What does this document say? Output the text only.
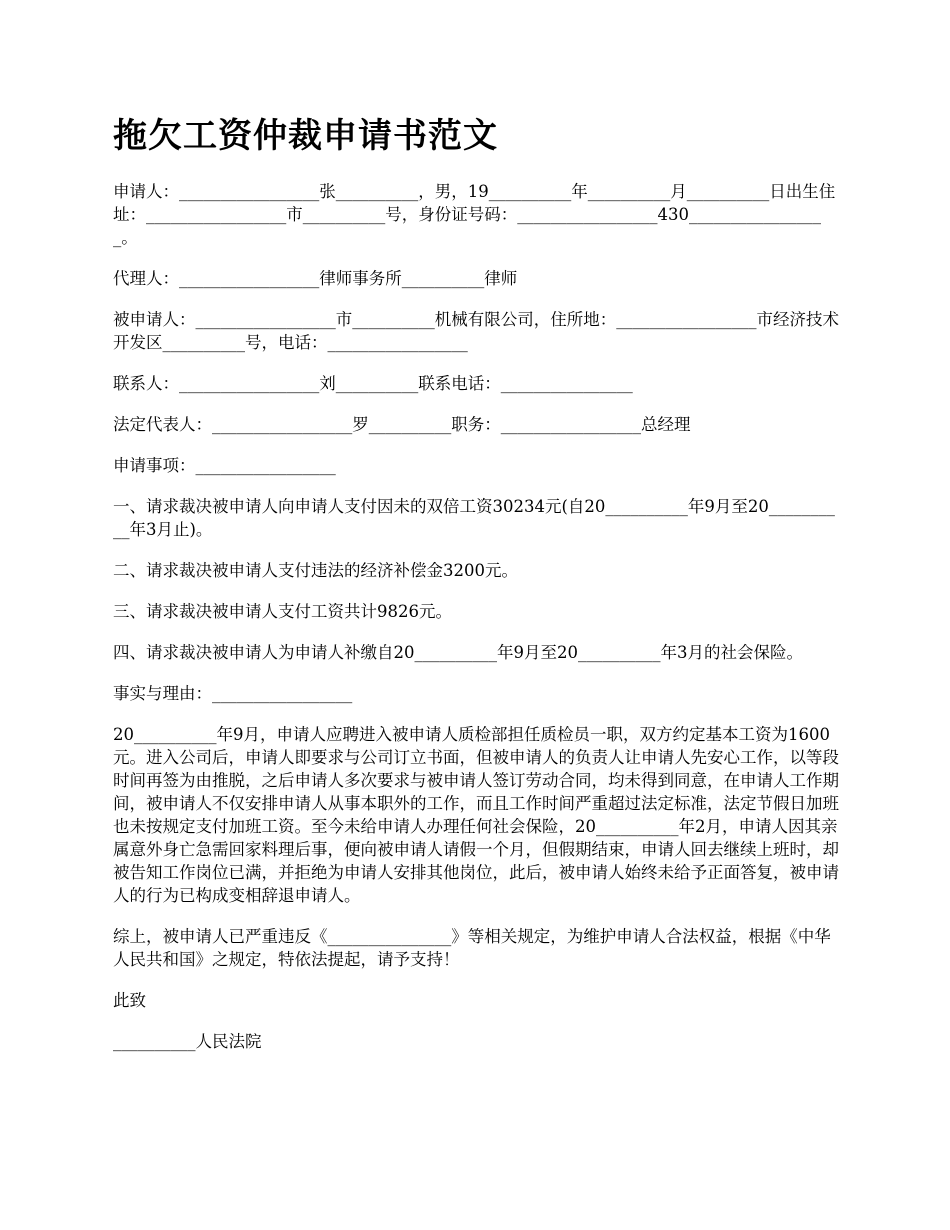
拖欠工资仲裁申请书范文

申请人：_________________张__________，男，19__________年__________月__________日出生住址：_________________市__________号，身份证号码：_________________430_________________。

代理人：_________________律师事务所__________律师

被申请人：_________________市__________机械有限公司，住所地：_________________市经济技术开发区__________号，电话：_________________

联系人：_________________刘__________联系电话：________________

法定代表人：_________________罗__________职务：_________________总经理

申请事项：_________________

一、请求裁决被申请人向申请人支付因未的双倍工资30234元(自20__________年9月至20__________年3月止)。

二、请求裁决被申请人支付违法的经济补偿金3200元。

三、请求裁决被申请人支付工资共计9826元。

四、请求裁决被申请人为申请人补缴自20__________年9月至20__________年3月的社会保险。

事实与理由：_________________

20__________年9月，申请人应聘进入被申请人质检部担任质检员一职，双方约定基本工资为1600元。进入公司后，申请人即要求与公司订立书面，但被申请人的负责人让申请人先安心工作，以等段时间再签为由推脱，之后申请人多次要求与被申请人签订劳动合同，均未得到同意，在申请人工作期间，被申请人不仅安排申请人从事本职外的工作，而且工作时间严重超过法定标准，法定节假日加班也未按规定支付加班工资。至今未给申请人办理任何社会保险，20__________年2月，申请人因其亲属意外身亡急需回家料理后事，便向被申请人请假一个月，但假期结束，申请人回去继续上班时，却被告知工作岗位已满，并拒绝为申请人安排其他岗位，此后，被申请人始终未给予正面答复，被申请人的行为已构成变相辞退申请人。

综上，被申请人已严重违反《_______________》等相关规定，为维护申请人合法权益，根据《中华人民共和国》之规定，特依法提起，请予支持！

此致

__________人民法院
